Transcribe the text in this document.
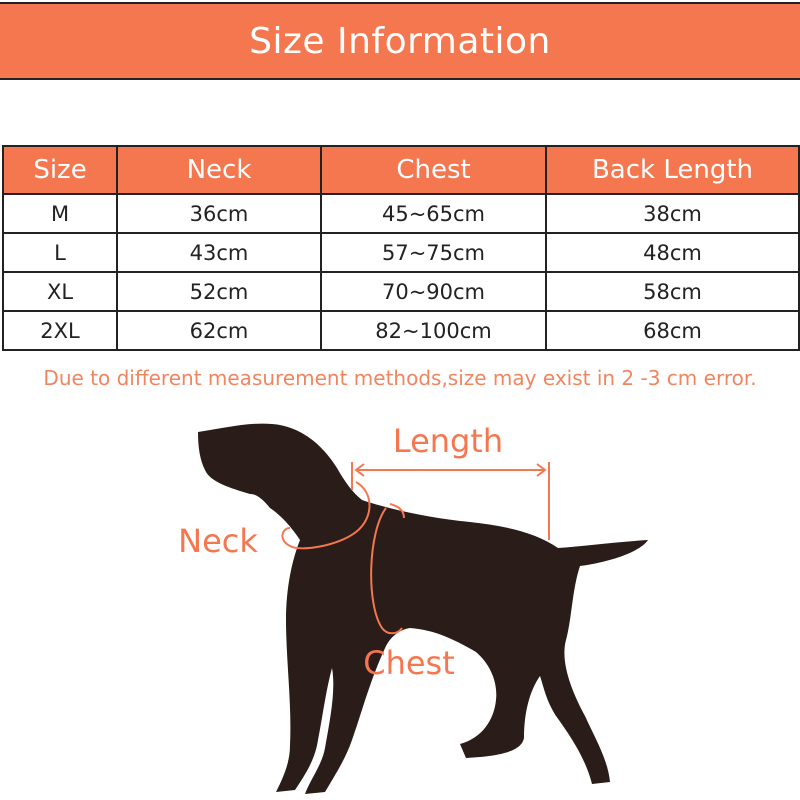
Size Information
Size	Neck	Chest	Back Length
M	36cm	45~65cm	38cm
L	43cm	57~75cm	48cm
XL	52cm	70~90cm	58cm
2XL	62cm	82~100cm	68cm
Due to different measurement methods,size may exist in 2 -3 cm error.
Length
Neck
Chest
